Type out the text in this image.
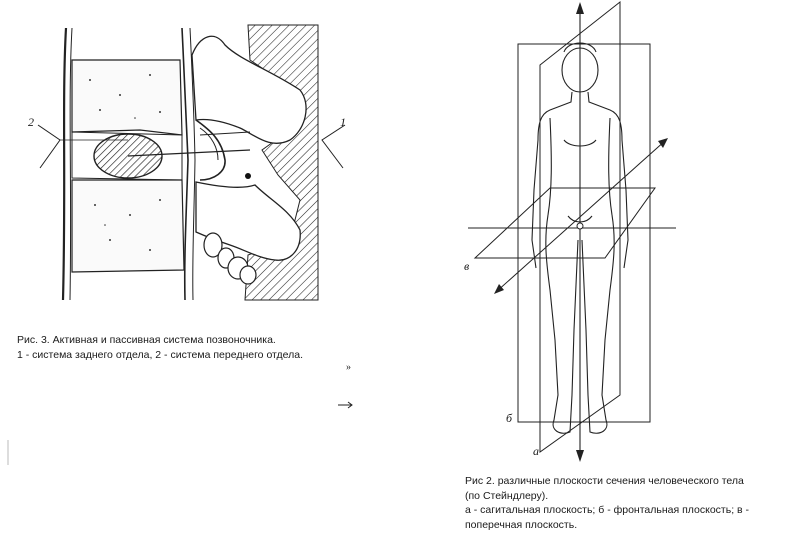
2	1
»
Рис. 3. Активная и пассивная система позвоночника.
1 - система заднего отдела, 2 - система переднего отдела.
а
б
в
Рис 2. различные плоскости сечения человеческого тела
(по Стейндлеру).
а - сагитальная плоскость; б - фронтальная плоскость; в -
поперечная плоскость.
